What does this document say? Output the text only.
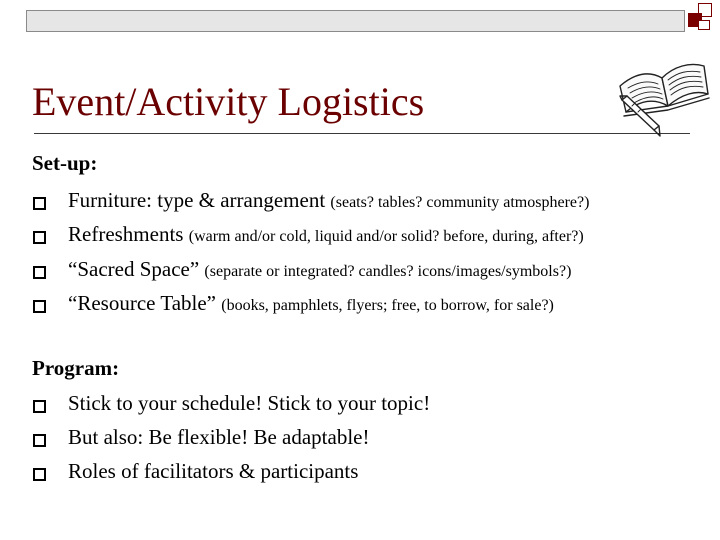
Event/Activity Logistics
Set-up:
Furniture: type & arrangement (seats? tables? community atmosphere?)
Refreshments (warm and/or cold, liquid and/or solid? before, during, after?)
“Sacred Space” (separate or integrated? candles? icons/images/symbols?)
“Resource Table” (books, pamphlets, flyers; free, to borrow, for sale?)
Program:
Stick to your schedule! Stick to your topic!
But also: Be flexible! Be adaptable!
Roles of facilitators & participants
